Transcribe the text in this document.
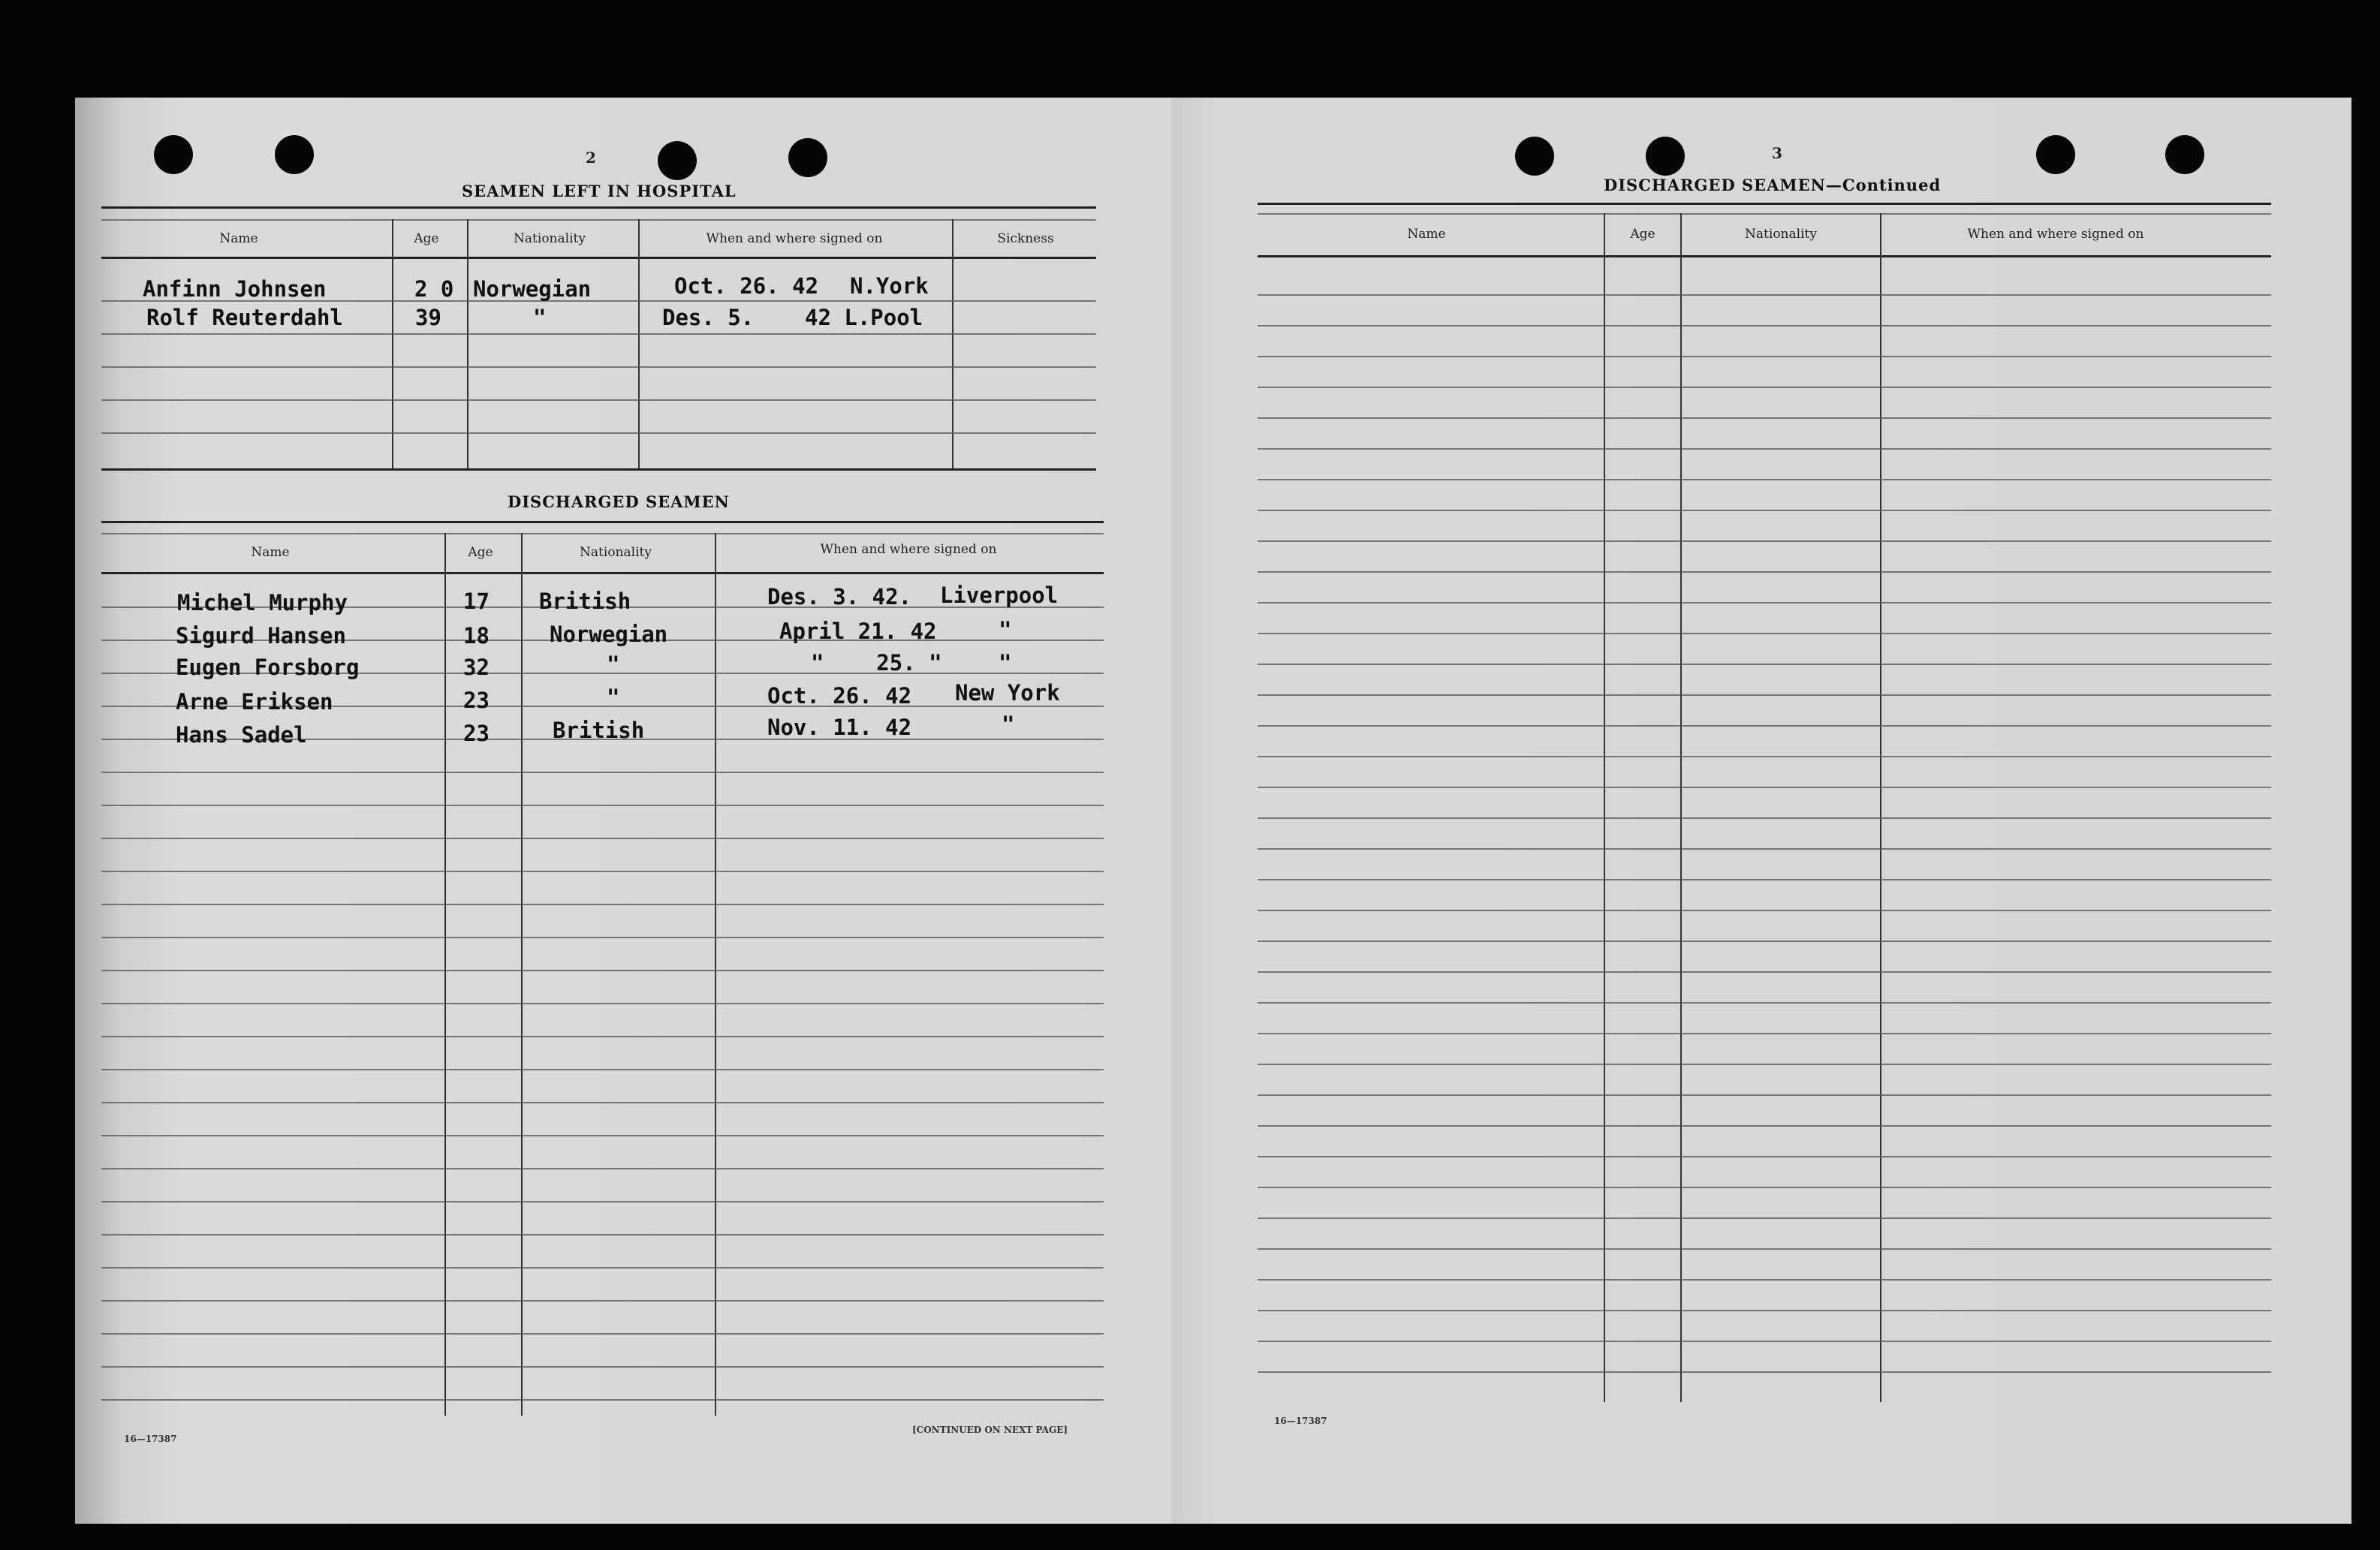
2
SEAMEN LEFT IN HOSPITAL
Name	Age	Nationality	When and where signed on	Sickness
Anfinn Johnsen	2 0 Norwegian	Oct. 26. 42 N.York
Rolf Reuterdahl	39	"	Des. 5. 42 L.Pool
DISCHARGED SEAMEN
Name	Age	Nationality	When and where signed on
Michel Murphy	17 British	Des. 3. 42. Liverpool
Sigurd Hansen	18	Norwegian	April 21. 42	"
Eugen Forsborg	32	"	"    25. "	"
Arne Eriksen	23	"	Oct. 26. 42 New York
Hans Sadel	23	British	Nov. 11. 42	"
16—17387
[CONTINUED ON NEXT PAGE]
3
DISCHARGED SEAMEN—Continued
Name	Age	Nationality	When and where signed on
16—17387
